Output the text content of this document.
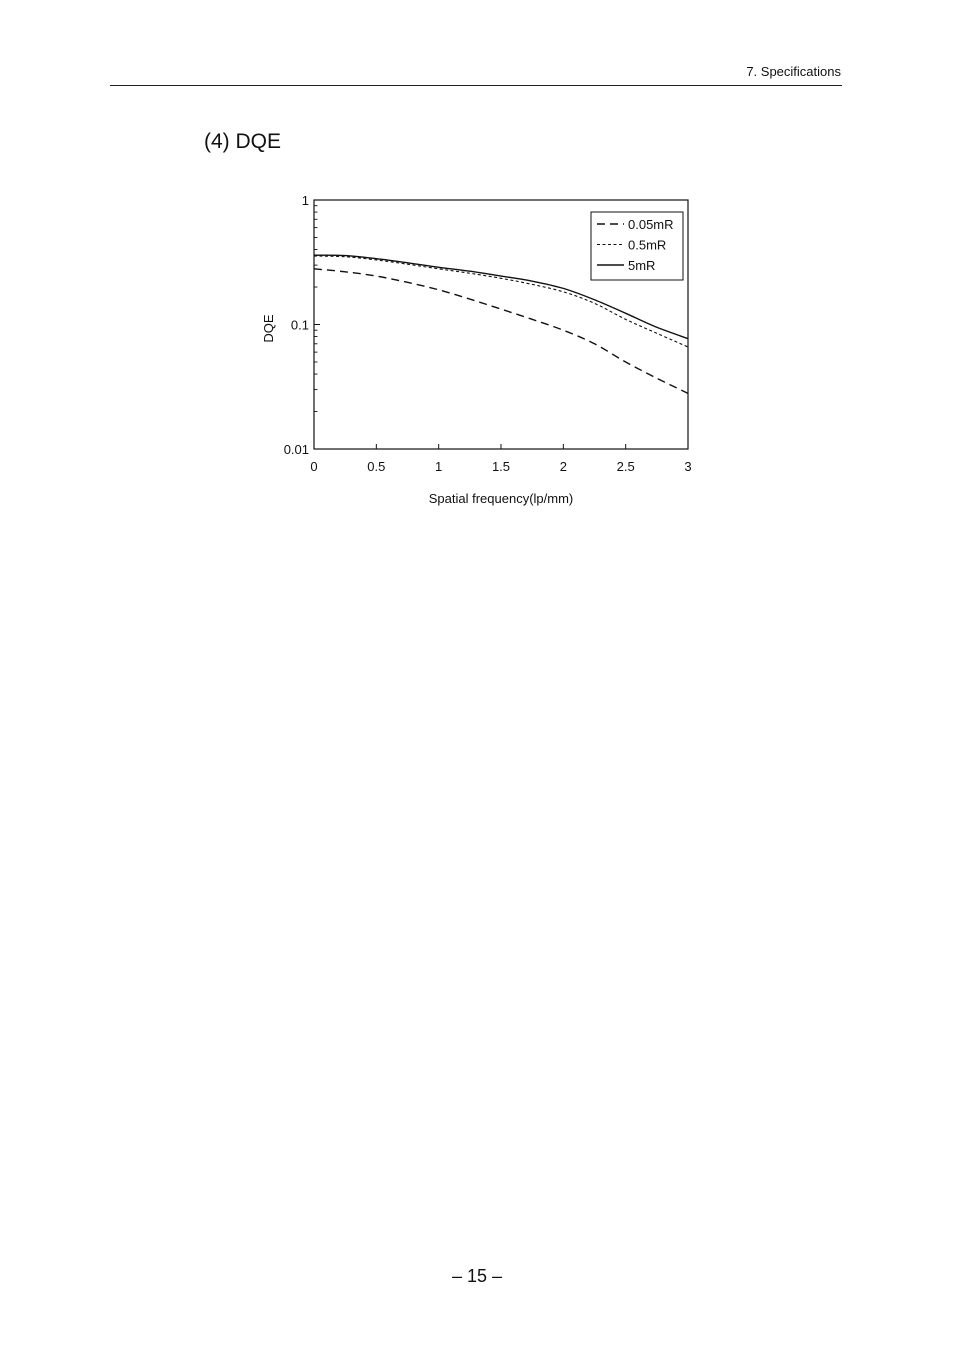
7. Specifications
(4) DQE
0	0.5	1	1.5	2	2.5	3
0.01
0.1
1
Spatial frequency(lp/mm)
DQE
0.05mR
0.5mR
5mR
– 15 –
